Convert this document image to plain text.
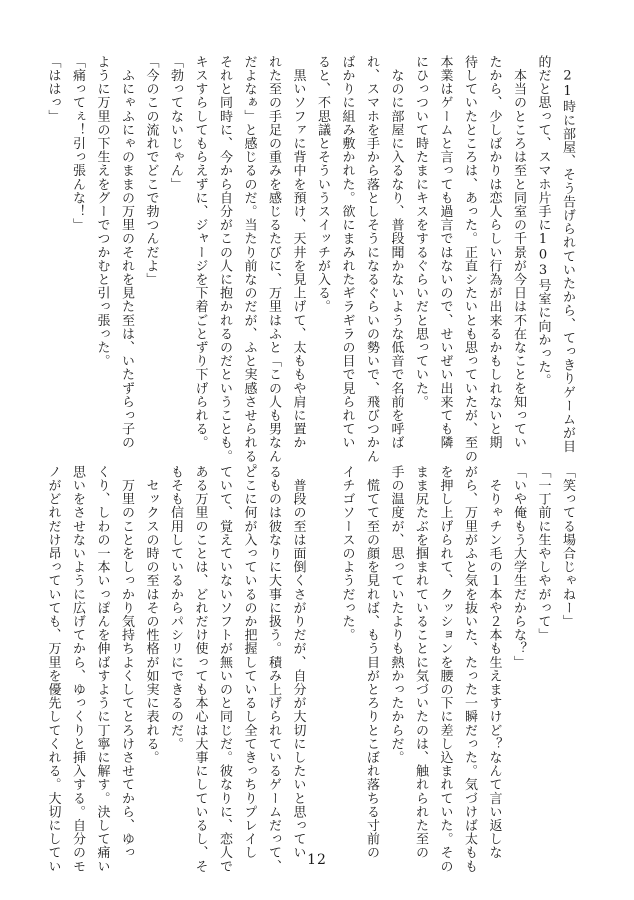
　21時に部屋、そう告げられていたから、てっきりゲームが目
的だと思って、スマホ片手に103号室に向かった。
　本当のところは至と同室の千景が今日は不在なことを知ってい
たから、少しばかりは恋人らしい行為が出来るかもしれないと期
待していたところは、あった。正直シたいとも思っていたが、至の
本業はゲームと言っても過言ではないので、せいぜい出来ても隣
にひっついて時たまにキスをするぐらいだと思っていた。
　なのに部屋に入るなり、普段聞かないような低音で名前を呼ば
れ、スマホを手から落としそうになるぐらいの勢いで、飛びつかん
ばかりに組み敷かれた。欲にまみれたギラギラの目で見られてい
ると、不思議とそういうスイッチが入る。
　黒いソファに背中を預け、天井を見上げて、太ももや肩に置か
れた至の手足の重みを感じるたびに、万里はふと「この人も男なん
だよなぁ」と感じるのだ。当たり前なのだが、ふと実感させられる。
それと同時に、今から自分がこの人に抱かれるのだということも。
キスすらしてもらえずに、ジャージを下着ごとずり下げられる。
「勃ってないじゃん」
「今のこの流れでどこで勃つんだよ」
　ふにゃふにゃのままの万里のそれを見た至は、いたずらっ子の
ように万里の下生えをグーでつかむと引っ張った。
「痛ってぇ！引っ張んな！」
「ははっ」
「笑ってる場合じゃねー」
「一丁前に生やしやがって」
「いや俺もう大学生だからな？」
　そりゃチン毛の１本や２本も生えますけど？なんて言い返しな
がら、万里がふと気を抜いた、たった一瞬だった。気づけば太もも
を押し上げられて、クッションを腰の下に差し込まれていた。その
まま尻たぶを掴まれていることに気づいたのは、触れられた至の
手の温度が、思っていたよりも熱かったからだ。
　慌てて至の顔を見れば、もう目がとろりとこぼれ落ちる寸前の
イチゴソースのようだった。

　普段の至は面倒くさがりだが、自分が大切にしたいと思ってい
るものは彼なりに大事に扱う。積み上げられているゲームだって、
どこに何が入っているのか把握しているし全てきっちりプレイし
ていて、覚えていないソフトが無いのと同じだ。彼なりに、恋人で
ある万里のことは、どれだけ使っても本心は大事にしているし、そ
もそも信用しているからパシリにできるのだ。
　セックスの時の至はその性格が如実に表れる。
　万里のことをしっかり気持ちよくしてとろけさせてから、ゆっ
くり、しわの一本いっぽんを伸ばすように丁寧に解す。決して痛い
思いをさせないように広げてから、ゆっくりと挿入する。自分のモ
ノがどれだけ昂っていても、万里を優先してくれる。大切にしてい	12
